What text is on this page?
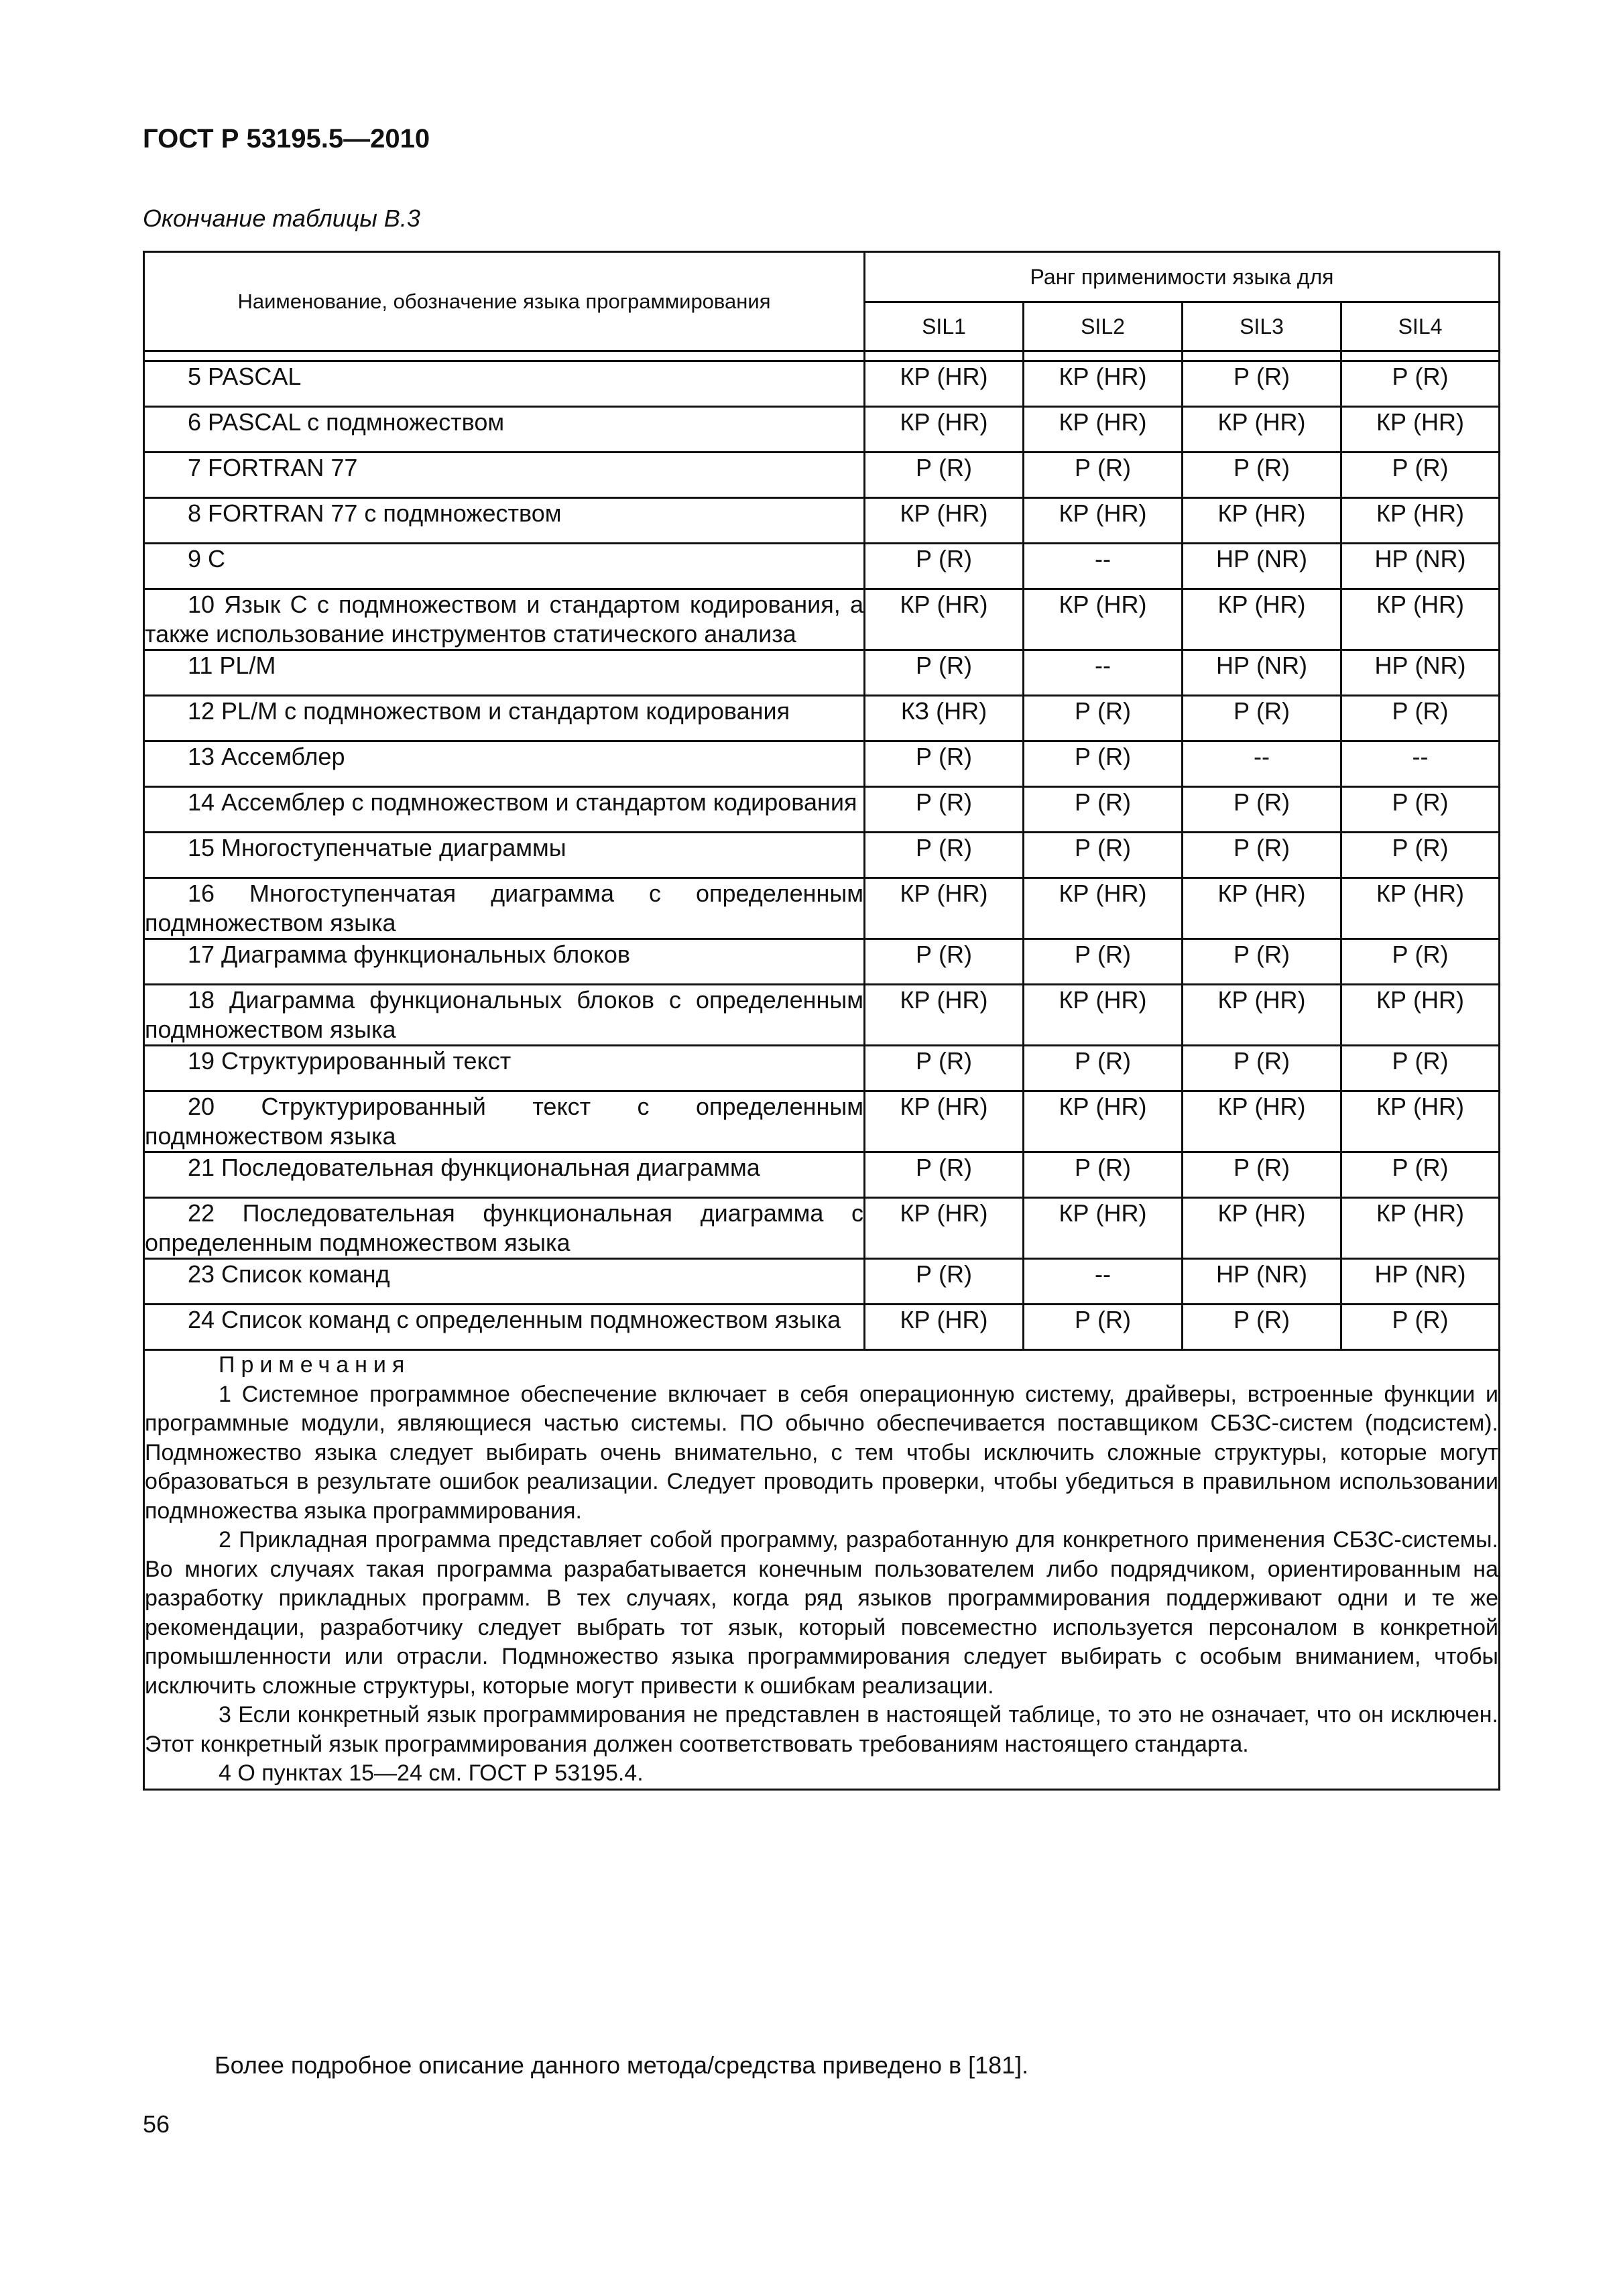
ГОСТ Р 53195.5—2010
Окончание таблицы В.3
Наименование, обозначение языка программирования	Ранг применимости языка для			
	SIL1	SIL2	SIL3	SIL4

5 PASCAL	КР (HR)	КР (HR)	Р (R)	Р (R)

6 PASCAL с подмножеством	КР (HR)	КР (HR)	КР (HR)	КР (HR)

7 FORTRAN 77	Р (R)	Р (R)	Р (R)	Р (R)

8 FORTRAN 77 с подмножеством	КР (HR)	КР (HR)	КР (HR)	КР (HR)

9 C	Р (R)	--	НР (NR)	НР (NR)

10 Язык C с подмножеством и стандартом кодирования, а также использование инструментов статического анализа	КР (HR)	КР (HR)	КР (HR)	КР (HR)

11 PL/M	Р (R)	--	НР (NR)	НР (NR)

12 PL/M с подмножеством и стандартом кодирования	КЗ (HR)	Р (R)	Р (R)	Р (R)

13 Ассемблер	Р (R)	Р (R)	--	--

14 Ассемблер с подмножеством и стандартом кодирования	Р (R)	Р (R)	Р (R)	Р (R)

15 Многоступенчатые диаграммы	Р (R)	Р (R)	Р (R)	Р (R)

16 Многоступенчатая диаграмма с определенным подмножеством языка	КР (HR)	КР (HR)	КР (HR)	КР (HR)

17 Диаграмма функциональных блоков	Р (R)	Р (R)	Р (R)	Р (R)

18 Диаграмма функциональных блоков с определенным подмножеством языка	КР (HR)	КР (HR)	КР (HR)	КР (HR)

19 Структурированный текст	Р (R)	Р (R)	Р (R)	Р (R)

20 Структурированный текст с определенным подмножеством языка	КР (HR)	КР (HR)	КР (HR)	КР (HR)

21 Последовательная функциональная диаграмма	Р (R)	Р (R)	Р (R)	Р (R)

22 Последовательная функциональная диаграмма с определенным подмножеством языка	КР (HR)	КР (HR)	КР (HR)	КР (HR)

23 Список команд	Р (R)	--	НР (NR)	НР (NR)

24 Список команд с определенным подмножеством языка	КР (HR)	Р (R)	Р (R)	Р (R)

Примечания
1 Системное программное обеспечение включает в себя операционную систему, драйверы, встроенные функции и программные модули, являющиеся частью системы. ПО обычно обеспечивается поставщиком СБЗС-систем (подсистем). Подмножество языка следует выбирать очень внимательно, с тем чтобы исключить сложные структуры, которые могут образоваться в результате ошибок реализации. Следует проводить проверки, чтобы убедиться в правильном использовании подмножества языка программирования.
2 Прикладная программа представляет собой программу, разработанную для конкретного применения СБЗС-системы. Во многих случаях такая программа разрабатывается конечным пользователем либо подрядчиком, ориентированным на разработку прикладных программ. В тех случаях, когда ряд языков программирования поддерживают одни и те же рекомендации, разработчику следует выбрать тот язык, который повсеместно используется персоналом в конкретной промышленности или отрасли. Подмножество языка программирования следует выбирать с особым вниманием, чтобы исключить сложные структуры, которые могут привести к ошибкам реализации.
3 Если конкретный язык программирования не представлен в настоящей таблице, то это не означает, что он исключен. Этот конкретный язык программирования должен соответствовать требованиям настоящего стандарта.
4 О пунктах 15—24 см. ГОСТ Р 53195.4.				
Более подробное описание данного метода/средства приведено в [181].
56
